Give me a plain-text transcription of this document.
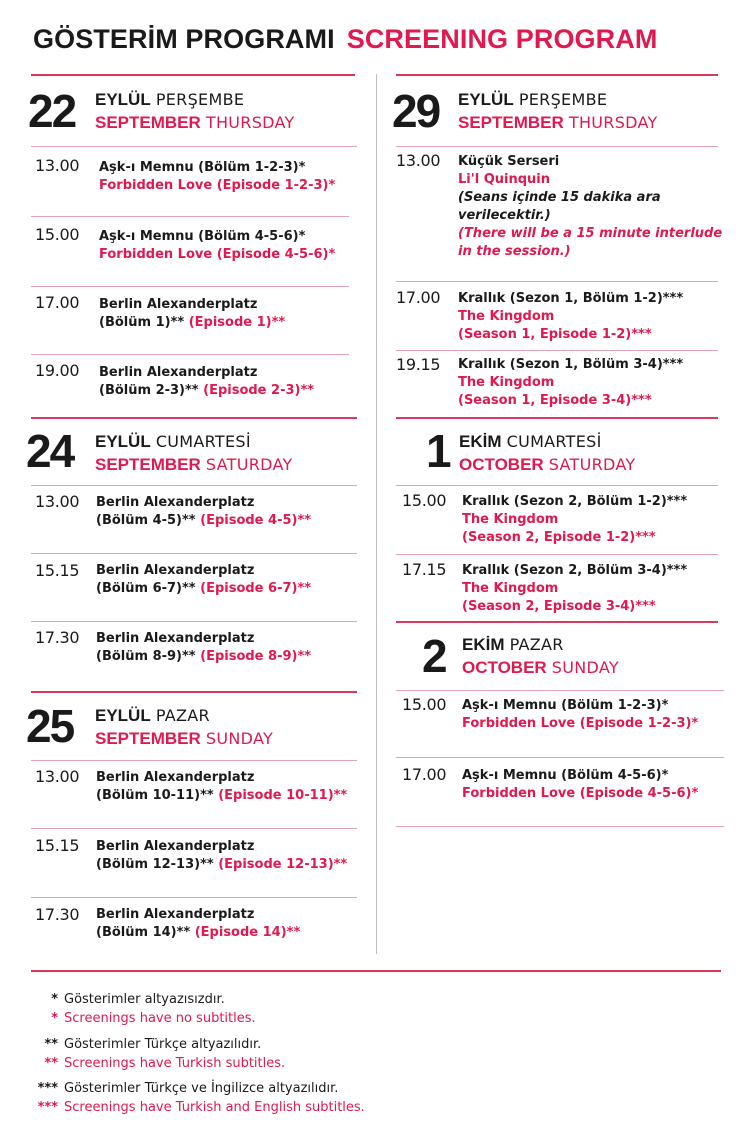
GÖSTERİM PROGRAMI SCREENING PROGRAM
22 EYLÜL PERŞEMBE
SEPTEMBER THURSDAY
13.00 Aşk-ı Memnu (Bölüm 1-2-3)*
Forbidden Love (Episode 1-2-3)*
15.00 Aşk-ı Memnu (Bölüm 4-5-6)*
Forbidden Love (Episode 4-5-6)*
17.00 Berlin Alexanderplatz
(Bölüm 1)** (Episode 1)**
19.00 Berlin Alexanderplatz
(Bölüm 2-3)** (Episode 2-3)**
24 EYLÜL CUMARTESİ
SEPTEMBER SATURDAY
13.00 Berlin Alexanderplatz
(Bölüm 4-5)** (Episode 4-5)**
15.15 Berlin Alexanderplatz
(Bölüm 6-7)** (Episode 6-7)**
17.30 Berlin Alexanderplatz
(Bölüm 8-9)** (Episode 8-9)**
25 EYLÜL PAZAR
SEPTEMBER SUNDAY
13.00 Berlin Alexanderplatz
(Bölüm 10-11)** (Episode 10-11)**
15.15 Berlin Alexanderplatz
(Bölüm 12-13)** (Episode 12-13)**
17.30 Berlin Alexanderplatz
(Bölüm 14)** (Episode 14)**
29 EYLÜL PERŞEMBE
SEPTEMBER THURSDAY
13.00 Küçük Serseri
Li'l Quinquin
(Seans içinde 15 dakika ara
verilecektir.)
(There will be a 15 minute interlude
in the session.)
17.00 Krallık (Sezon 1, Bölüm 1-2)***
The Kingdom
(Season 1, Episode 1-2)***
19.15 Krallık (Sezon 1, Bölüm 3-4)***
The Kingdom
(Season 1, Episode 3-4)***
1 EKİM CUMARTESİ
OCTOBER SATURDAY
15.00 Krallık (Sezon 2, Bölüm 1-2)***
The Kingdom
(Season 2, Episode 1-2)***
17.15 Krallık (Sezon 2, Bölüm 3-4)***
The Kingdom
(Season 2, Episode 3-4)***
2 EKİM PAZAR
OCTOBER SUNDAY
15.00 Aşk-ı Memnu (Bölüm 1-2-3)*
Forbidden Love (Episode 1-2-3)*
17.00 Aşk-ı Memnu (Bölüm 4-5-6)*
Forbidden Love (Episode 4-5-6)*
* Gösterimler altyazısızdır.
* Screenings have no subtitles.
** Gösterimler Türkçe altyazılıdır.
** Screenings have Turkish subtitles.
*** Gösterimler Türkçe ve İngilizce altyazılıdır.
*** Screenings have Turkish and English subtitles.
